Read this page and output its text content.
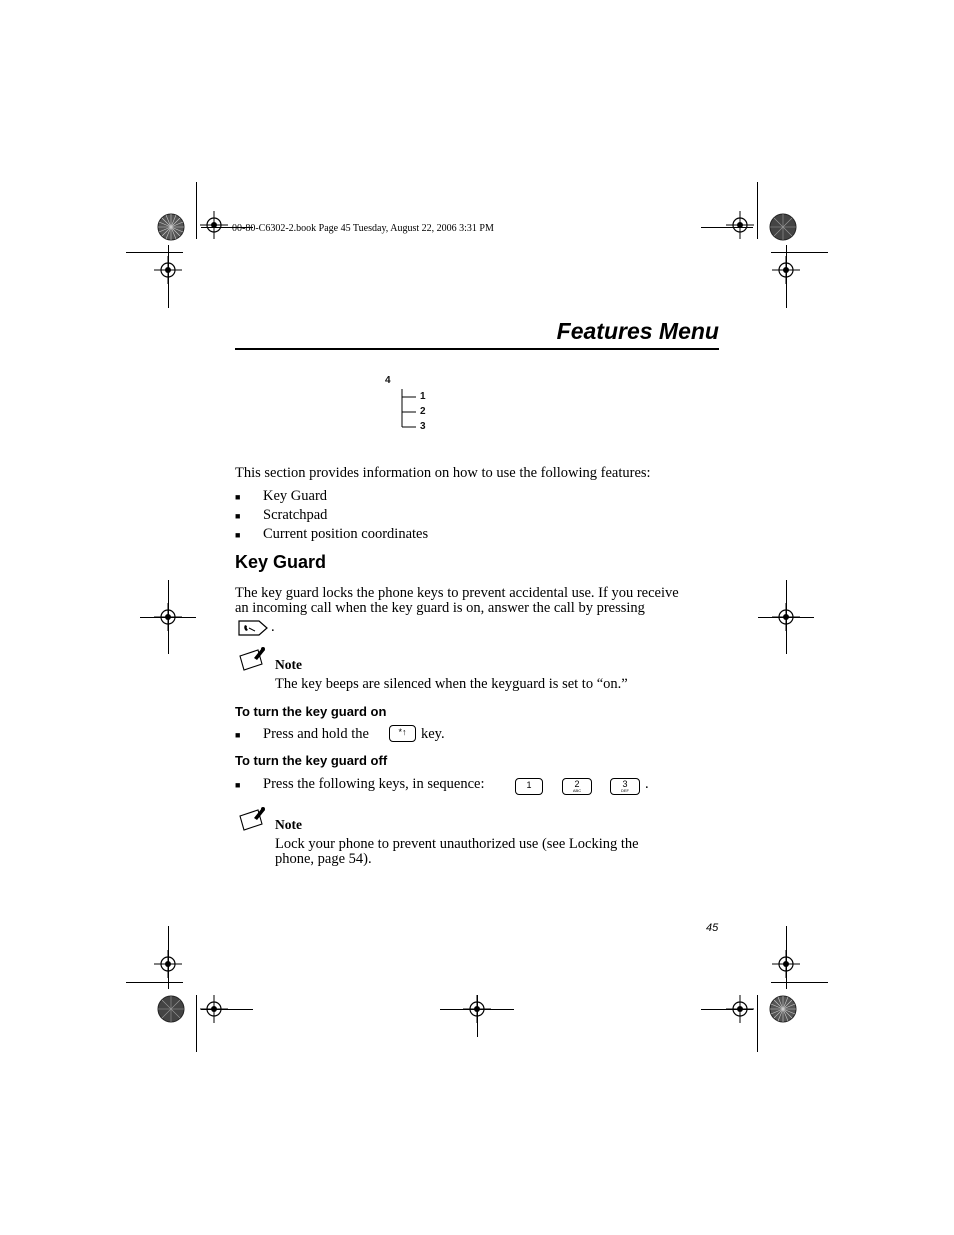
00-80-C6302-2.book Page 45 Tuesday, August 22, 2006 3:31 PM
Features Menu
4
1
2
3
This section provides information on how to use the following features:
■ Key Guard
■ Scratchpad
■ Current position coordinates
Key Guard
The key guard locks the phone keys to prevent accidental use. If you receive
an incoming call when the key guard is on, answer the call by pressing
.
Note
The key beeps are silenced when the keyguard is set to “on.”
To turn the key guard on
■ Press and hold the	*↑	key.
To turn the key guard off
■ Press the following keys, in sequence:	1	2
ABC
3
DEF	.
Note
Lock your phone to prevent unauthorized use (see Locking the
phone, page 54).
45
